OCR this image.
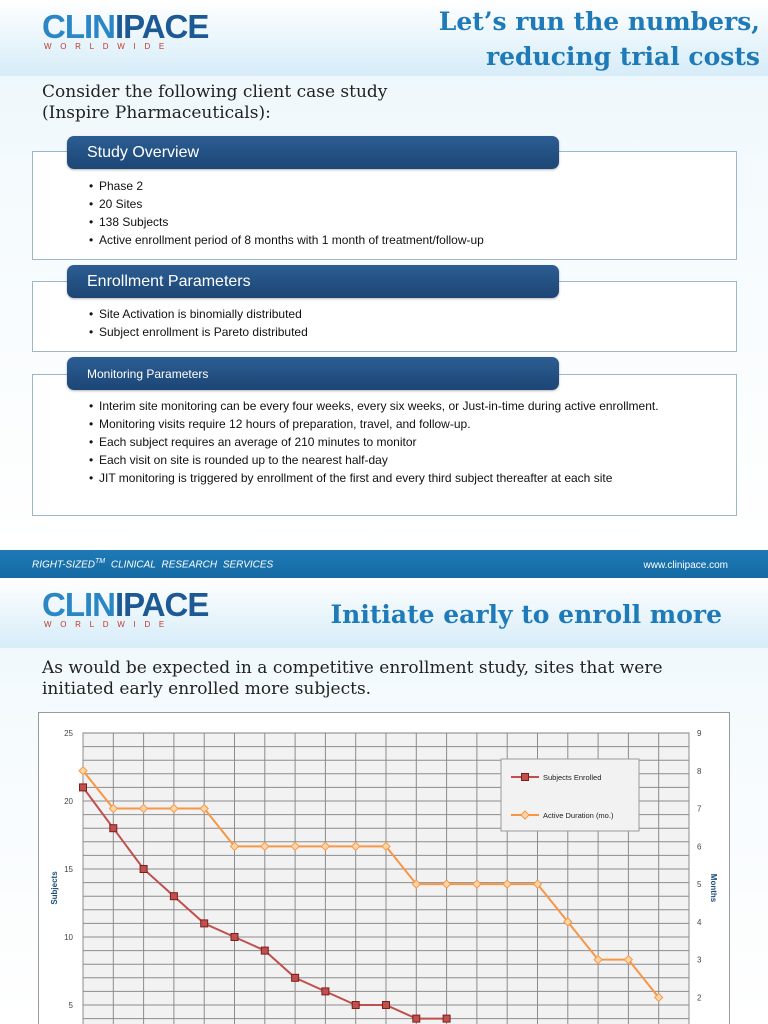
CLINIPACE
WORLDWIDE
Let’s run the numbers,
reducing trial costs
Consider the following client case study
(Inspire Pharmaceuticals):
• Phase 2
• 20 Sites
• 138 Subjects
• Active enrollment period of 8 months with 1 month of treatment/follow-up
Study Overview
• Site Activation is binomially distributed
• Subject enrollment is Pareto distributed
Enrollment Parameters
• Interim site monitoring can be every four weeks, every six weeks, or Just-in-time during active enrollment.
• Monitoring visits require 12 hours of preparation, travel, and follow-up.
• Each subject requires an average of 210 minutes to monitor
• Each visit on site is rounded up to the nearest half-day
• JIT monitoring is triggered by enrollment of the first and every third subject thereafter at each site
Monitoring Parameters
CLINIPACE
WORLDWIDE	Initiate early to enroll more
As would be expected in a competitive enrollment study, sites that were
initiated early enrolled more subjects.
5
10
15
20
25
2
3
4
5
6
7
8
9
Subjects	Months
Subjects Enrolled
Active Duration (mo.)
RIGHT-SIZED™ CLINICAL RESEARCH SERVICES	www.clinipace.com
